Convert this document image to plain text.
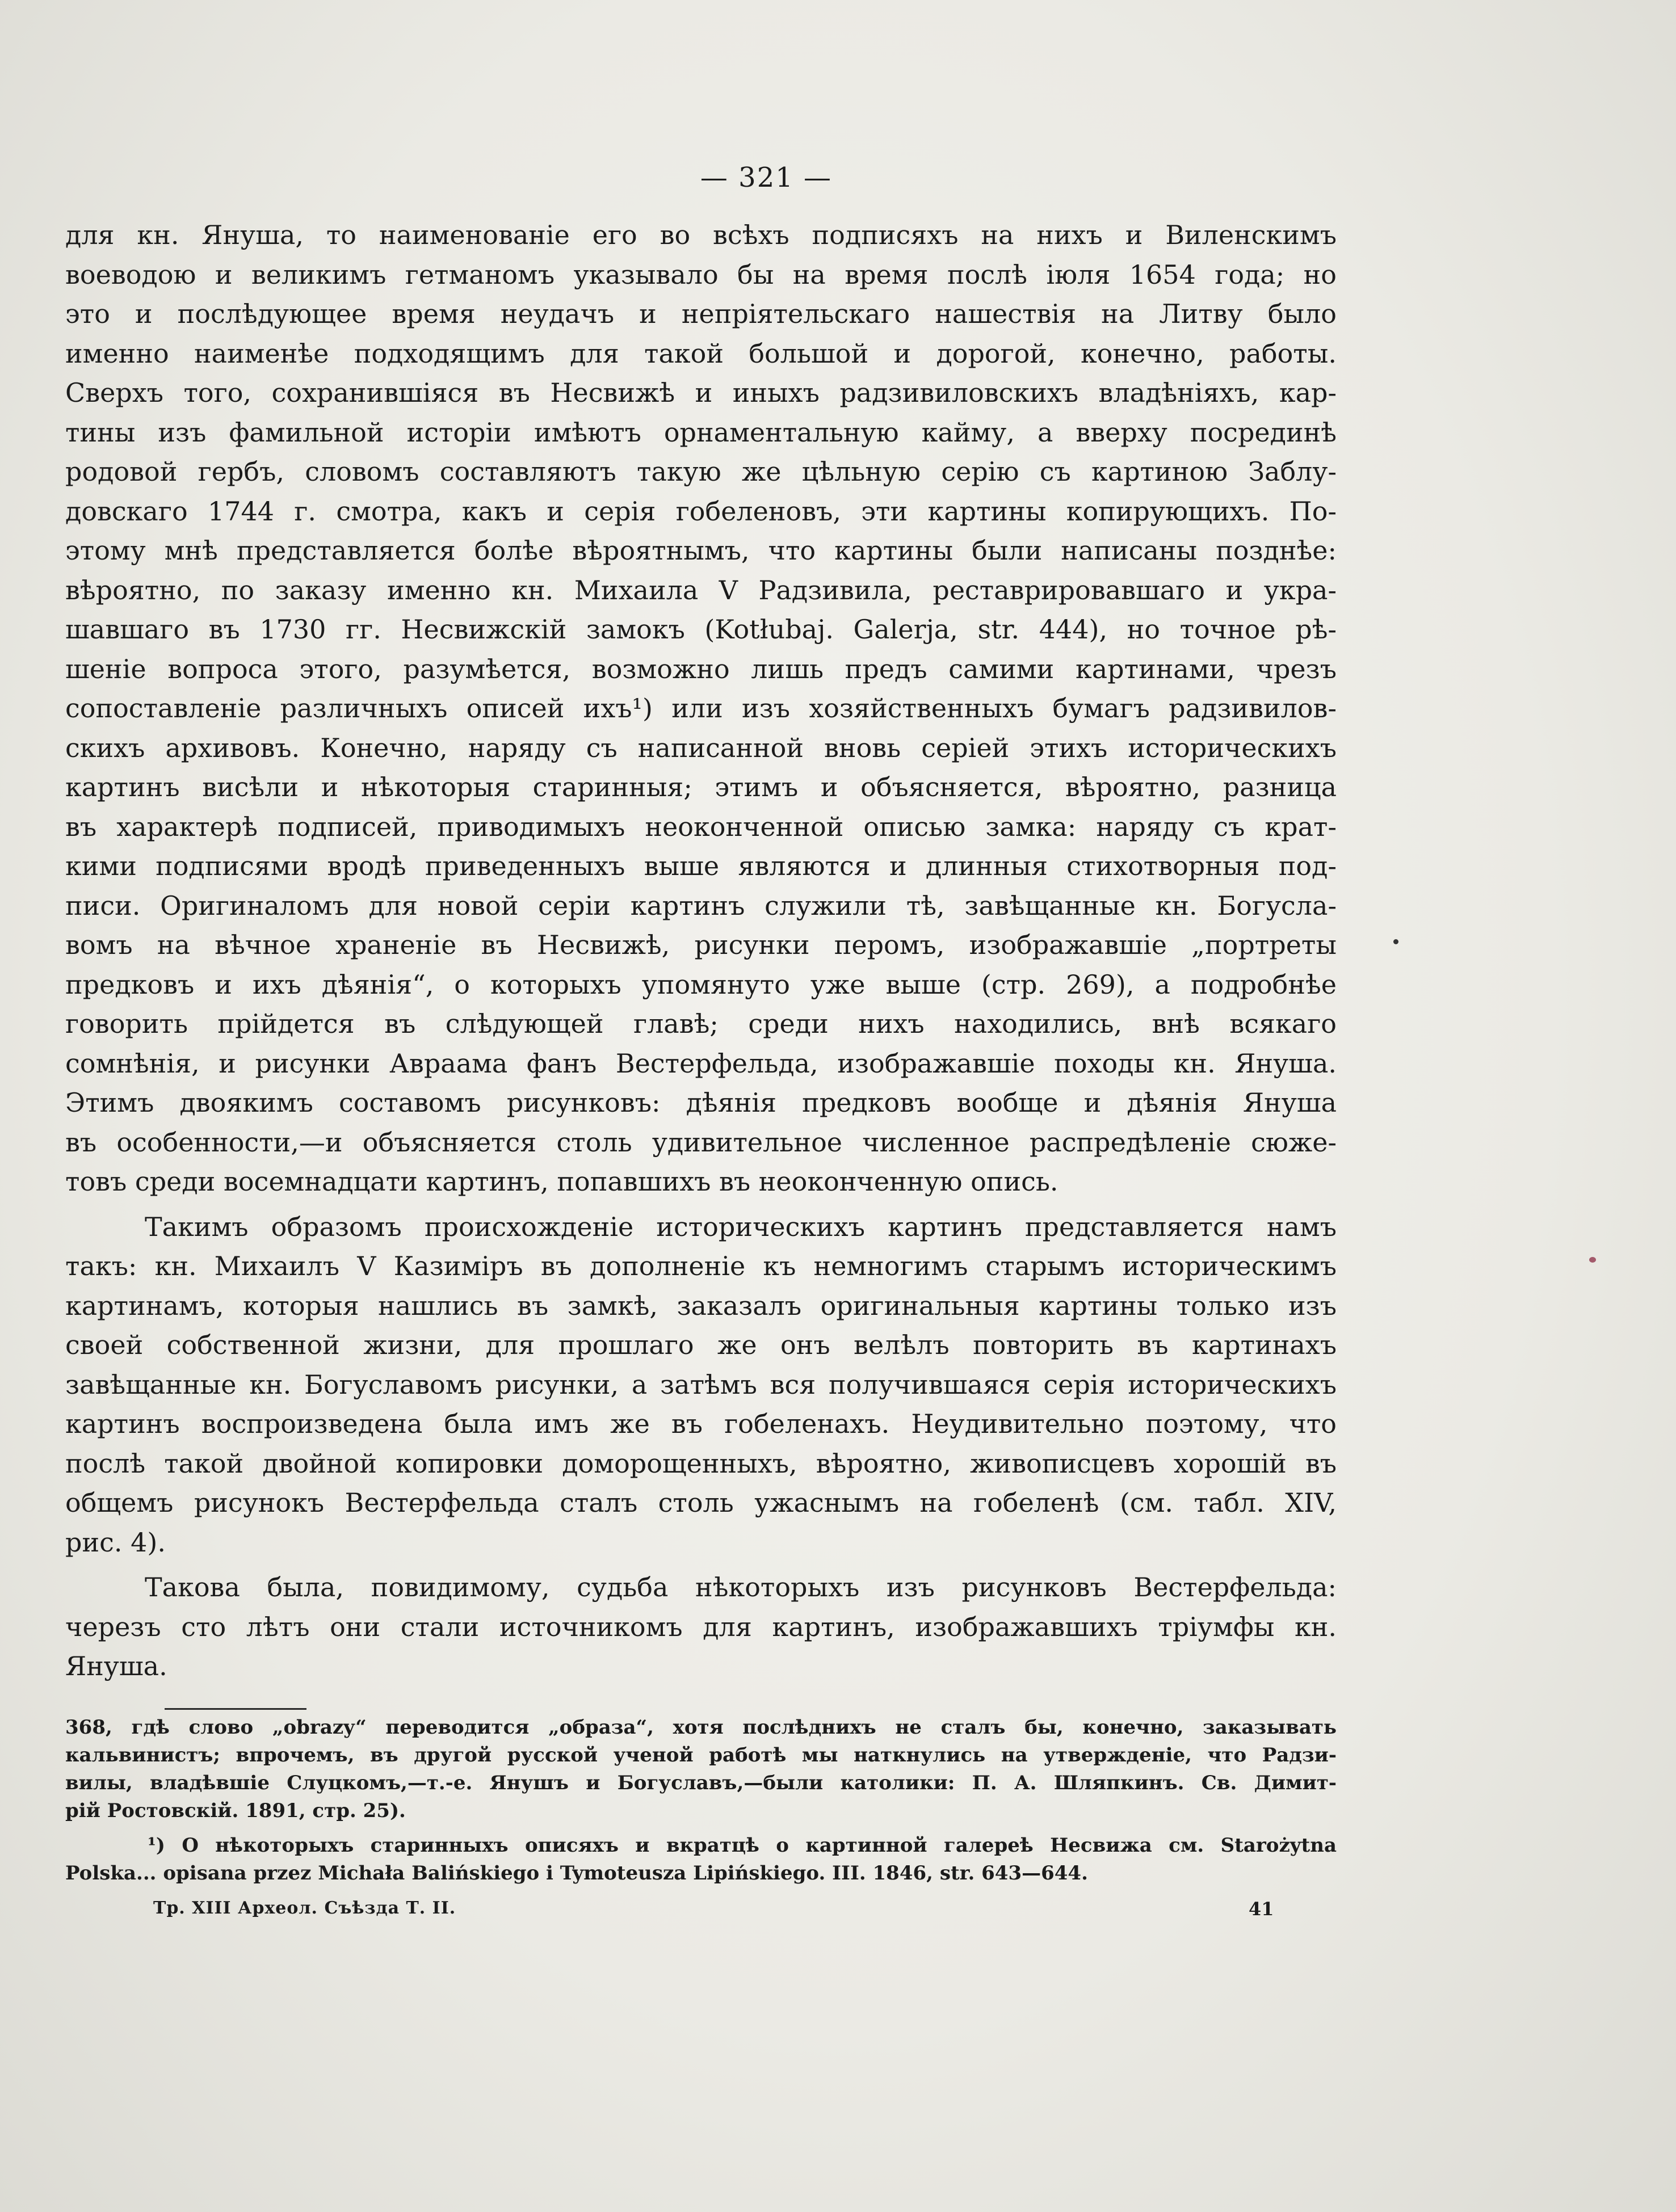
— 321 —
для кн. Януша, то наименованіе его во всѣхъ подписяхъ на нихъ и Виленскимъ
воеводою и великимъ гетманомъ указывало бы на время послѣ іюля 1654 года; но
это и послѣдующее время неудачъ и непріятельскаго нашествія на Литву было
именно наименѣе подходящимъ для такой большой и дорогой, конечно, работы.
Сверхъ того, сохранившіяся въ Несвижѣ и иныхъ радзивиловскихъ владѣніяхъ, кар-
тины изъ фамильной исторіи имѣютъ орнаментальную кайму, а вверху посрединѣ
родовой гербъ, словомъ составляютъ такую же цѣльную серію съ картиною Заблу-
довскаго 1744 г. смотра, какъ и серія гобеленовъ, эти картины копирующихъ. По-
этому мнѣ представляется болѣе вѣроятнымъ, что картины были написаны позднѣе:
вѣроятно, по заказу именно кн. Михаила V Радзивила, реставрировавшаго и укра-
шавшаго въ 1730 гг. Несвижскій замокъ (Kotłubaj. Galerja, str. 444), но точное рѣ-
шеніе вопроса этого, разумѣется, возможно лишь предъ самими картинами, чрезъ
сопоставленіе различныхъ описей ихъ¹) или изъ хозяйственныхъ бумагъ радзивилов-
скихъ архивовъ. Конечно, наряду съ написанной вновь серіей этихъ историческихъ
картинъ висѣли и нѣкоторыя старинныя; этимъ и объясняется, вѣроятно, разница
въ характерѣ подписей, приводимыхъ неоконченной описью замка: наряду съ крат-
кими подписями вродѣ приведенныхъ выше являются и длинныя стихотворныя под-
писи. Оригиналомъ для новой серіи картинъ служили тѣ, завѣщанные кн. Богусла-
вомъ на вѣчное храненіе въ Несвижѣ, рисунки перомъ, изображавшіе „портреты
предковъ и ихъ дѣянія“, о которыхъ упомянуто уже выше (стр. 269), а подробнѣе
говорить прійдется въ слѣдующей главѣ; среди нихъ находились, внѣ всякаго
сомнѣнія, и рисунки Авраама фанъ Вестерфельда, изображавшіе походы кн. Януша.
Этимъ двоякимъ составомъ рисунковъ: дѣянія предковъ вообще и дѣянія Януша
въ особенности,—и объясняется столь удивительное численное распредѣленіе сюже-
товъ среди восемнадцати картинъ, попавшихъ въ неоконченную опись.
Такимъ образомъ происхожденіе историческихъ картинъ представляется намъ
такъ: кн. Михаилъ V Казиміръ въ дополненіе къ немногимъ старымъ историческимъ
картинамъ, которыя нашлись въ замкѣ, заказалъ оригинальныя картины только изъ
своей собственной жизни, для прошлаго же онъ велѣлъ повторить въ картинахъ
завѣщанные кн. Богуславомъ рисунки, а затѣмъ вся получившаяся серія историческихъ
картинъ воспроизведена была имъ же въ гобеленахъ. Неудивительно поэтому, что
послѣ такой двойной копировки доморощенныхъ, вѣроятно, живописцевъ хорошій въ
общемъ рисунокъ Вестерфельда сталъ столь ужаснымъ на гобеленѣ (см. табл. XIV,
рис. 4).
Такова была, повидимому, судьба нѣкоторыхъ изъ рисунковъ Вестерфельда:
черезъ сто лѣтъ они стали источникомъ для картинъ, изображавшихъ тріумфы кн.
Януша.
368, гдѣ слово „obrazy“ переводится „образа“, хотя послѣднихъ не сталъ бы, конечно, заказывать
кальвинистъ; впрочемъ, въ другой русской ученой работѣ мы наткнулись на утвержденіе, что Радзи-
вилы, владѣвшіе Слуцкомъ,—т.-е. Янушъ и Богуславъ,—были католики: П. А. Шляпкинъ. Св. Димит-
рій Ростовскій. 1891, стр. 25).
¹) О нѣкоторыхъ старинныхъ описяхъ и вкратцѣ о картинной галереѣ Несвижа см. Starożytna
Polska... opisana przez Michała Balińskiego i Tymoteusza Lipińskiego. III. 1846, str. 643—644.
Тр. XIII Археол. Съѣзда Т. II.	41
